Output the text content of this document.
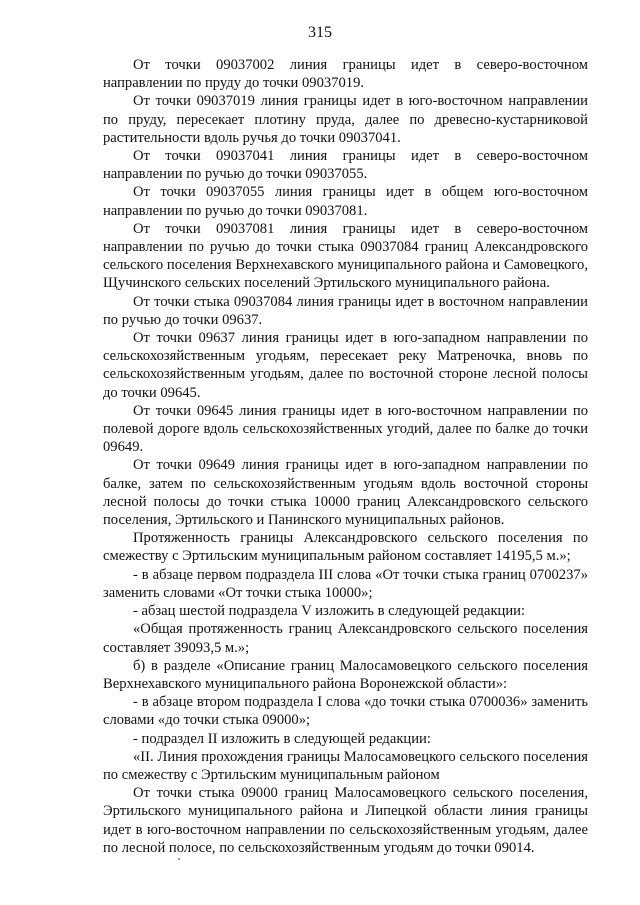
315

От точки 09037002 линия границы идет в северо-восточном направлении по пруду до точки 09037019.

От точки 09037019 линия границы идет в юго-восточном направлении по пруду, пересекает плотину пруда, далее по древесно-кустарниковой растительности вдоль ручья до точки 09037041.

От точки 09037041 линия границы идет в северо-восточном направлении по ручью до точки 09037055.

От точки 09037055 линия границы идет в общем юго-восточном направлении по ручью до точки 09037081.

От точки 09037081 линия границы идет в северо-восточном направлении по ручью до точки стыка 09037084 границ Александровского сельского поселения Верхнехавского муниципального района и Самовецкого, Щучинского сельских поселений Эртильского муниципального района.

От точки стыка 09037084 линия границы идет в восточном направлении по ручью до точки 09637.

От точки 09637 линия границы идет в юго-западном направлении по сельскохозяйственным угодьям, пересекает реку Матреночка, вновь по сельскохозяйственным угодьям, далее по восточной стороне лесной полосы до точки 09645.

От точки 09645 линия границы идет в юго-восточном направлении по полевой дороге вдоль сельскохозяйственных угодий, далее по балке до точки 09649.

От точки 09649 линия границы идет в юго-западном направлении по балке, затем по сельскохозяйственным угодьям вдоль восточной стороны лесной полосы до точки стыка 10000 границ Александровского сельского поселения, Эртильского и Панинского муниципальных районов.

Протяженность границы Александровского сельского поселения по смежеству с Эртильским муниципальным районом составляет 14195,5 м.»;

- в абзаце первом подраздела III слова «От точки стыка границ 0700237» заменить словами «От точки стыка 10000»;

- абзац шестой подраздела V изложить в следующей редакции:

«Общая протяженность границ Александровского сельского поселения составляет 39093,5 м.»;

б) в разделе «Описание границ Малосамовецкого сельского поселения Верхнехавского муниципального района Воронежской области»:

- в абзаце втором подраздела I слова «до точки стыка 0700036» заменить словами «до точки стыка 09000»;

- подраздел II изложить в следующей редакции:

«II. Линия прохождения границы Малосамовецкого сельского поселения по смежеству с Эртильским муниципальным районом

От точки стыка 09000 границ Малосамовецкого сельского поселения, Эртильского муниципального района и Липецкой области линия границы идет в юго-восточном направлении по сельскохозяйственным угодьям, далее по лесной полосе, по сельскохозяйственным угодьям до точки 09014.
